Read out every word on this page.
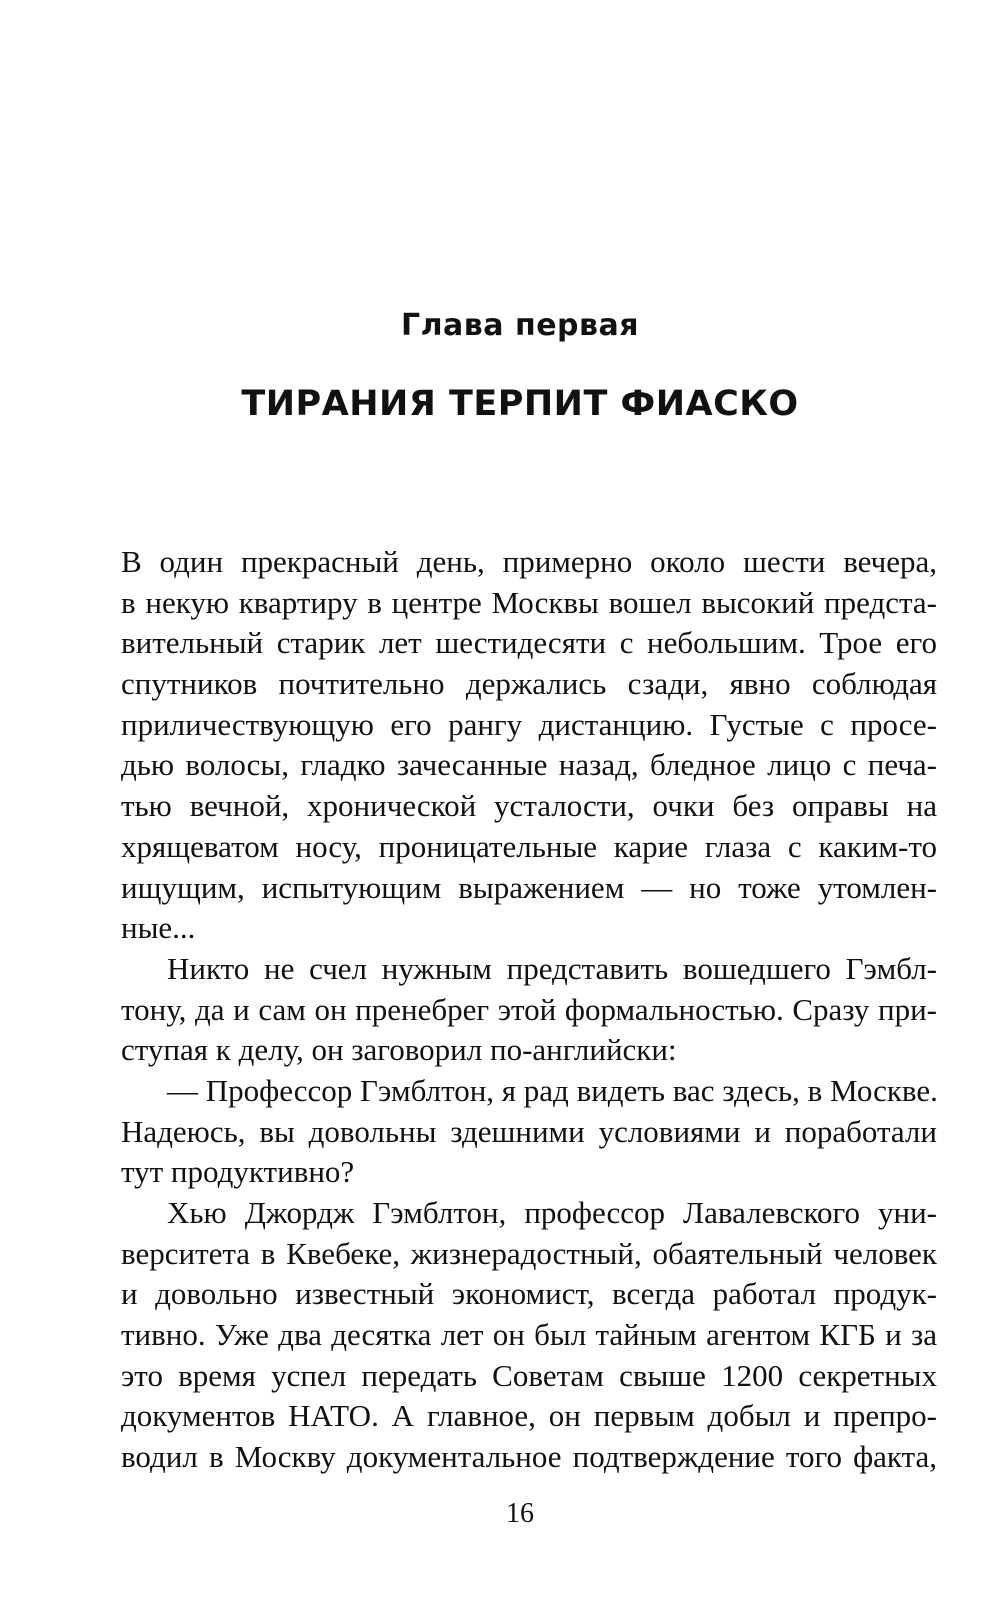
Глава первая
ТИРАНИЯ ТЕРПИТ ФИАСКО
В один прекрасный день, примерно около шести вечера,
в некую квартиру в центре Москвы вошел высокий предста-
вительный старик лет шестидесяти с небольшим. Трое его
спутников почтительно держались сзади, явно соблюдая
приличествующую его рангу дистанцию. Густые с просе-
дью волосы, гладко зачесанные назад, бледное лицо с печа-
тью вечной, хронической усталости, очки без оправы на
хрящеватом носу, проницательные карие глаза с каким-то
ищущим, испытующим выражением — но тоже утомлен-
ные...
Никто не счел нужным представить вошедшего Гэмбл-
тону, да и сам он пренебрег этой формальностью. Сразу при-
ступая к делу, он заговорил по-английски:
— Профессор Гэмблтон, я рад видеть вас здесь, в Москве.
Надеюсь, вы довольны здешними условиями и поработали
тут продуктивно?
Хью Джордж Гэмблтон, профессор Лавалевского уни-
верситета в Квебеке, жизнерадостный, обаятельный человек
и довольно известный экономист, всегда работал продук-
тивно. Уже два десятка лет он был тайным агентом КГБ и за
это время успел передать Советам свыше 1200 секретных
документов НАТО. А главное, он первым добыл и препро-
водил в Москву документальное подтверждение того факта,
16
